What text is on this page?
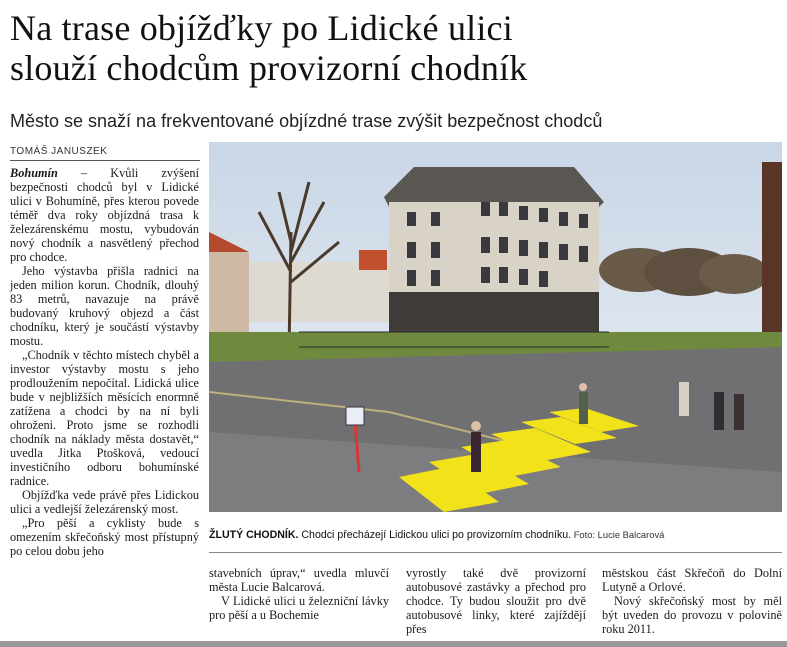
Na trase objížďky po Lidické ulici
slouží chodcům provizorní chodník
Město se snaží na frekventované objízdné trase zvýšit bezpečnost chodců
TOMÁŠ JANUSZEK

Bohumín – Kvůli zvýšení bezpečnosti chodců byl v Lidické ulici v Bohumíně, přes kterou povede téměř dva roky objízdná trasa k železárenskému mostu, vybudován nový chodník a nasvětlený přechod pro chodce.

Jeho výstavba přišla radnici na jeden milion korun. Chodník, dlouhý 83 metrů, navazuje na právě budovaný kruhový objezd a část chodníku, který je součástí výstavby mostu.

„Chodník v těchto místech chyběl a investor výstavby mostu s jeho prodloužením nepočítal. Lidická ulice bude v nejbližších měsících enormně zatížena a chodci by na ní byli ohroženi. Proto jsme se rozhodli chodník na náklady města dostavět,“ uvedla Jitka Ptošková, vedoucí investičního odboru bohumínské radnice.

Objížďka vede právě přes Lidickou ulici a vedlejší železárenský most.

„Pro pěší a cyklisty bude s omezením skřečoňský most přístupný po celou dobu jeho

ŽLUTÝ CHODNÍK. Chodci přecházejí Lidickou ulici po provizorním chodníku. Foto: Lucie Balcarová

stavebních úprav,“ uvedla mluvčí města Lucie Balcarová.

V Lidické ulici u železniční lávky pro pěší a u Bochemie

vyrostly také dvě provizorní autobusové zastávky a přechod pro chodce. Ty budou sloužit pro dvě autobusové linky, které zajíždějí přes

městskou část Skřečoň do Dolní Lutyně a Orlové.

Nový skřečoňský most by měl být uveden do provozu v polovině roku 2011.
